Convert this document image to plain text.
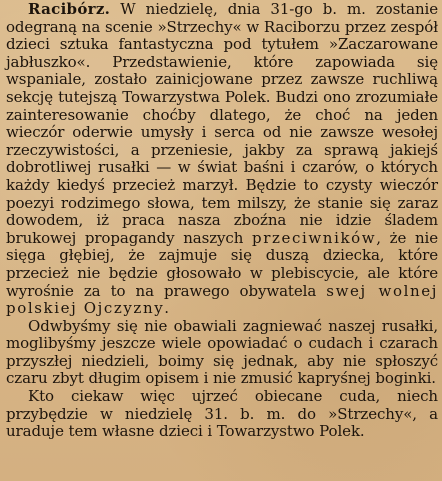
Racibórz. W niedzielę, dnia 31-go b. m. zostanie odegraną na scenie »Strzechy« w Raciborzu przez zespół dzieci sztuka fantastyczna pod tytułem »Zaczarowane jabłuszko«. Przedstawienie, które zapowiada się wspaniale, zostało zainicjowane przez zawsze ruchliwą sekcję tutejszą Towarzystwa Polek. Budzi ono zrozumiałe zainteresowanie choćby dlatego, że choć na jeden wieczór oderwie umysły i serca od nie zawsze wesołej rzeczywistości, a przeniesie, jakby za sprawą jakiejś dobrotliwej rusałki — w świat baśni i czarów, o których każdy kiedyś przecież marzył. Będzie to czysty wieczór poezyi rodzimego słowa, tem milszy, że stanie się zaraz dowodem, iż praca nasza zboźna nie idzie śladem brukowej propagandy naszych przeciwników, że nie sięga głębiej, że zajmuje się duszą dziecka, które przecież nie będzie głosowało w plebiscycie, ale które wyrośnie za to na prawego obywatela swej wolnej polskiej Ojczyzny.

Odwbyśmy się nie obawiali zagniewać naszej rusałki, moglibyśmy jeszcze wiele opowiadać o cudach i czarach przyszłej niedzieli, boimy się jednak, aby nie spłoszyć czaru zbyt długim opisem i nie zmusić kapryśnej boginki.

Kto ciekaw więc ujrzeć obiecane cuda, niech przybędzie w niedzielę 31. b. m. do »Strzechy«, a uraduje tem własne dzieci i Towarzystwo Polek.
